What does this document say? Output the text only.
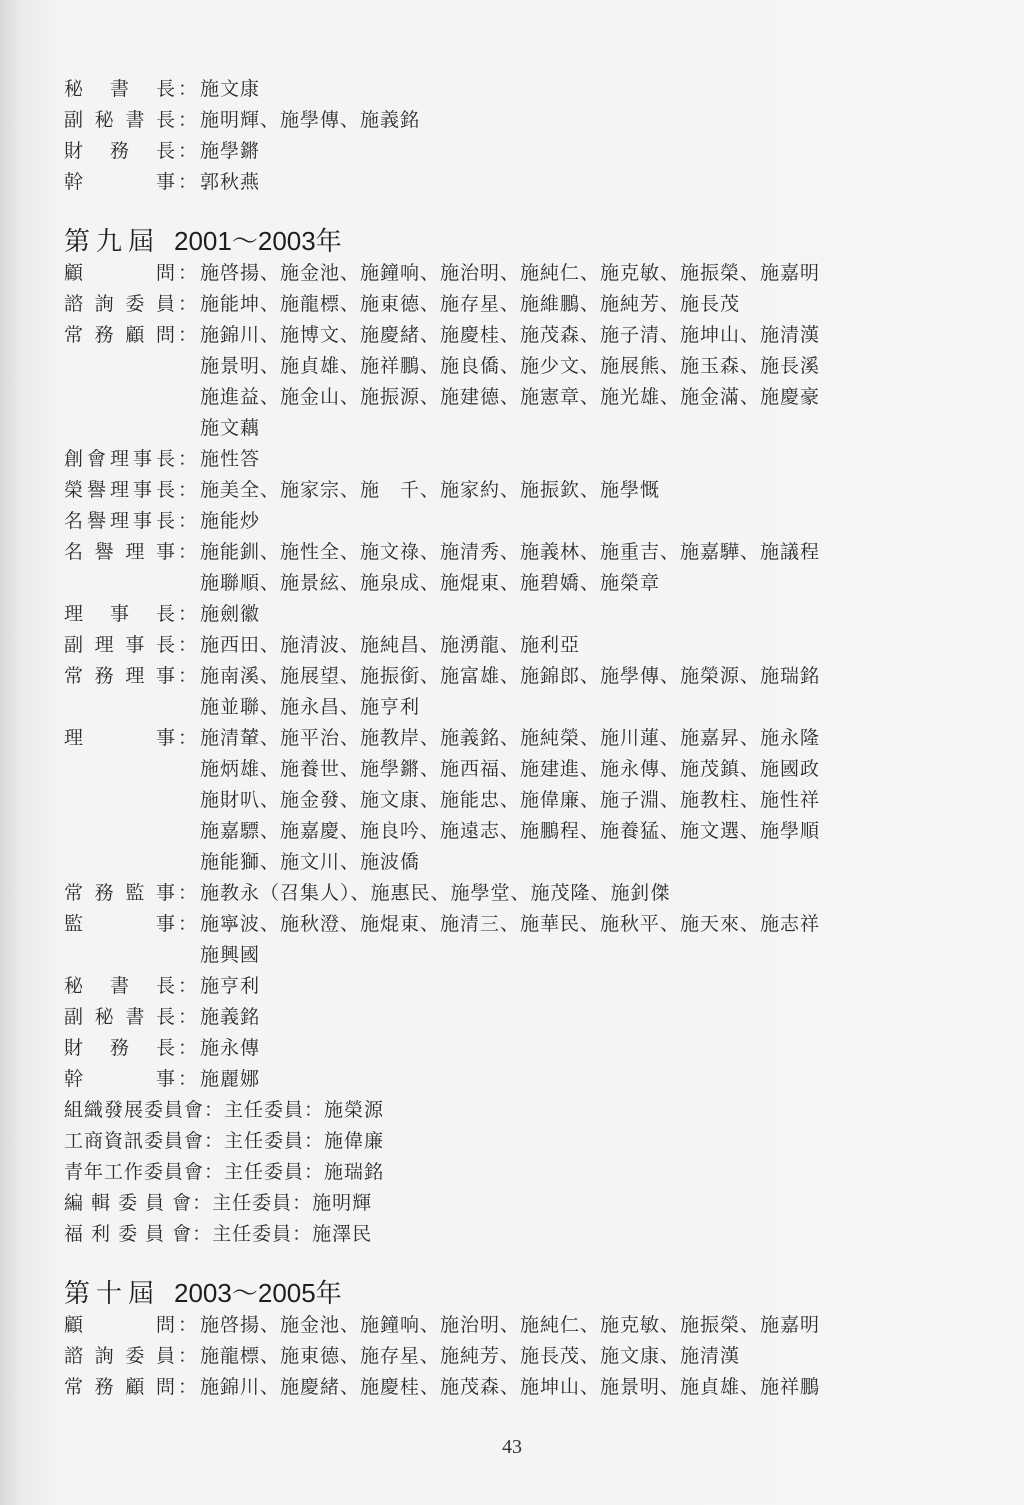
秘 書 長 ： 施文康
副秘書長 ： 施明輝、施學傳、施義銘
財 務 長 ： 施學鏘
幹 事 ： 郭秋燕
第九屆 2001～2003年
顧 問 ： 施啓揚、施金池、施鐘响、施治明、施純仁、施克敏、施振榮、施嘉明
諮詢委員 ： 施能坤、施龍標、施東德、施存星、施維鵬、施純芳、施長茂
常務顧問 ： 施錦川、施博文、施慶緒、施慶桂、施茂森、施子清、施坤山、施清漢
施景明、施貞雄、施祥鵬、施良僑、施少文、施展熊、施玉森、施長溪
施進益、施金山、施振源、施建德、施憲章、施光雄、施金滿、施慶豪
施文藕
創會理事長 ： 施性答
榮譽理事長 ： 施美全、施家宗、施　千、施家約、施振欽、施學慨
名譽理事長 ： 施能炒
名譽理事 ： 施能釧、施性全、施文祿、施清秀、施義林、施重吉、施嘉驊、施議程
施聯順、施景絃、施泉成、施焜東、施碧嬌、施榮章
理 事 長 ： 施劍徽
副理事長 ： 施西田、施清波、施純昌、施湧龍、施利亞
常務理事 ： 施南溪、施展望、施振銜、施富雄、施錦郎、施學傳、施榮源、施瑞銘
施並聯、施永昌、施亨利
理 事 ： 施清輦、施平治、施教岸、施義銘、施純榮、施川蓮、施嘉昇、施永隆
施炳雄、施養世、施學鏘、施西福、施建進、施永傳、施茂鎮、施國政
施財叭、施金發、施文康、施能忠、施偉廉、施子淵、施教柱、施性祥
施嘉驃、施嘉慶、施良吟、施遠志、施鵬程、施養猛、施文選、施學順
施能獅、施文川、施波僑
常務監事 ： 施教永（召集人）、施惠民、施學堂、施茂隆、施釗傑
監 事 ： 施寧波、施秋澄、施焜東、施清三、施華民、施秋平、施天來、施志祥
施興國
秘 書 長 ： 施亨利
副秘書長 ： 施義銘
財 務 長 ： 施永傳
幹 事 ： 施麗娜
組織發展委員會：主任委員：施榮源
工商資訊委員會：主任委員：施偉廉
青年工作委員會：主任委員：施瑞銘
編 輯 委 員 會：主任委員：施明輝
福 利 委 員 會：主任委員：施澤民
第十屆 2003～2005年
顧 問 ： 施啓揚、施金池、施鐘响、施治明、施純仁、施克敏、施振榮、施嘉明
諮詢委員 ： 施龍標、施東德、施存星、施純芳、施長茂、施文康、施清漢
常務顧問 ： 施錦川、施慶緒、施慶桂、施茂森、施坤山、施景明、施貞雄、施祥鵬
43
